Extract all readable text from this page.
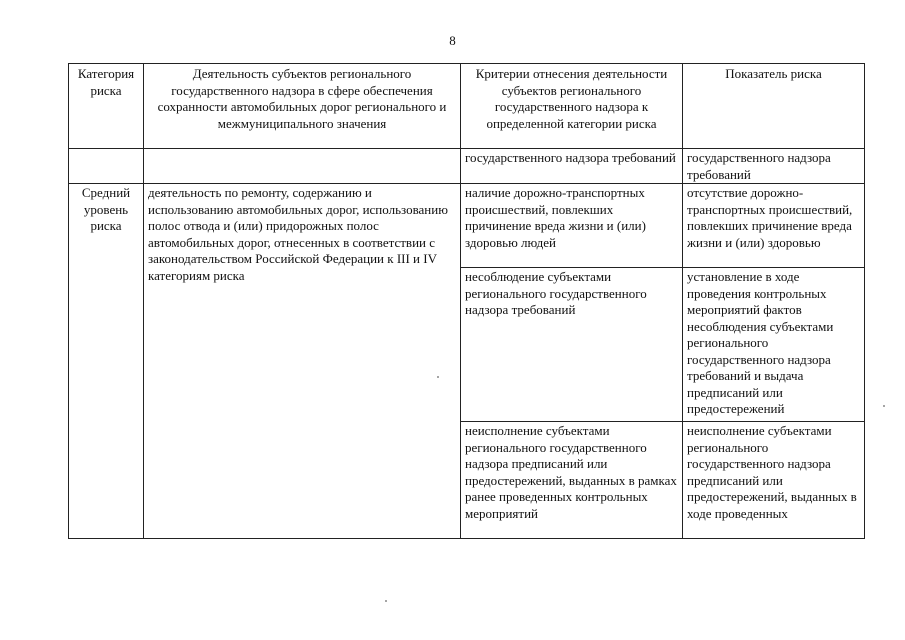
8
Категория риска	Деятельность субъектов регионального государственного надзора в сфере обеспечения сохранности автомобильных дорог регионального и межмуниципального значения	Критерии отнесения деятельности субъектов регионального государственного надзора к определенной категории риска	Показатель риска
		государственного надзора требований	государственного надзора требований
Средний уровень риска	деятельность по ремонту, содержанию и использованию автомобильных дорог, использованию полос отвода и (или) придорожных полос автомобильных дорог, отнесенных в соответствии с законодательством Российской Федерации к III и IV категориям риска	наличие дорожно-транспортных происшествий, повлекших причинение вреда жизни и (или) здоровью людей	отсутствие дорожно-транспортных происшествий, повлекших причинение вреда жизни и (или) здоровью
		несоблюдение субъектами регионального государственного надзора требований	установление в ходе проведения контрольных мероприятий фактов несоблюдения субъектами регионального государственного надзора требований и выдача предписаний или предостережений
		неисполнение субъектами регионального государственного надзора предписаний или предостережений, выданных в рамках ранее проведенных контрольных мероприятий	неисполнение субъектами регионального государственного надзора предписаний или предостережений, выданных в ходе проведенных
